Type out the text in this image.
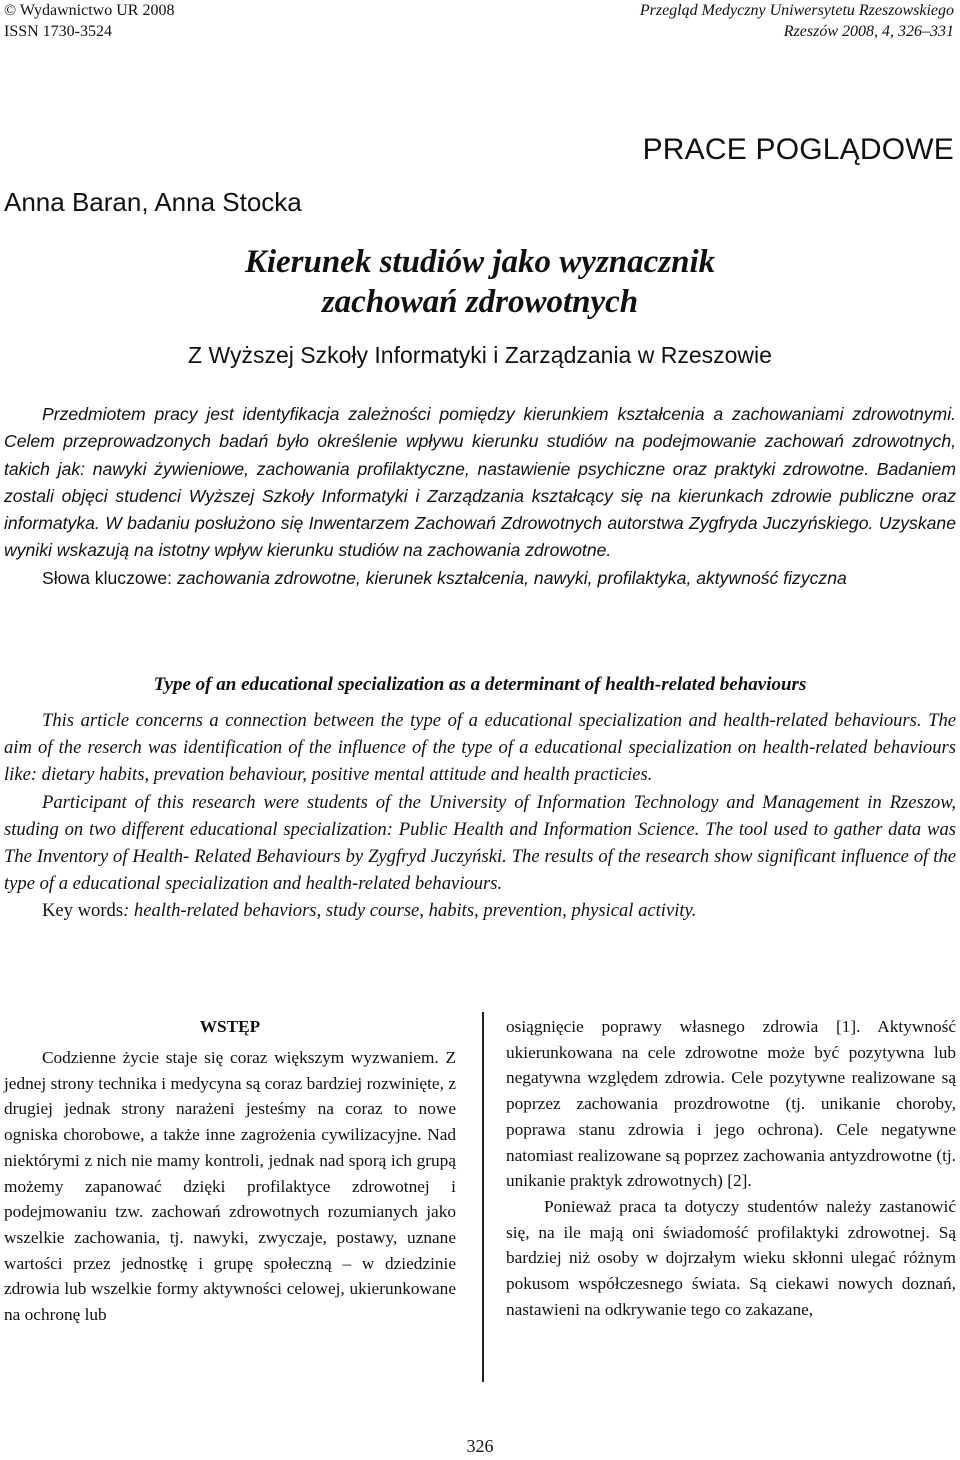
© Wydawnictwo UR 2008
ISSN 1730-3524
Przegląd Medyczny Uniwersytetu Rzeszowskiego
Rzeszów 2008, 4, 326–331
PRACE POGLĄDOWE
Anna Baran, Anna Stocka
Kierunek studiów jako wyznacznik
zachowań zdrowotnych
Z Wyższej Szkoły Informatyki i Zarządzania w Rzeszowie

Przedmiotem pracy jest identyfikacja zależności pomiędzy kierunkiem kształcenia a zachowaniami zdrowotnymi. Celem przeprowadzonych badań było określenie wpływu kierunku studiów na podejmowanie zachowań zdrowotnych, takich jak: nawyki żywieniowe, zachowania profilaktyczne, nastawienie psychiczne oraz praktyki zdrowotne. Badaniem zostali objęci studenci Wyższej Szkoły Informatyki i Zarządzania kształcący się na kierunkach zdrowie publiczne oraz informatyka. W badaniu posłużono się Inwentarzem Zachowań Zdrowotnych autorstwa Zygfryda Juczyńskiego. Uzyskane wyniki wskazują na istotny wpływ kierunku studiów na zachowania zdrowotne.

Słowa kluczowe: zachowania zdrowotne, kierunek kształcenia, nawyki, profilaktyka, aktywność fizyczna

Type of an educational specialization as a determinant of health-related behaviours

This article concerns a connection between the type of a educational specialization and health-related behaviours. The aim of the reserch was identification of the influence of the type of a educational specialization on health-related behaviours like: dietary habits, prevation behaviour, positive mental attitude and health practicies.

Participant of this research were students of the University of Information Technology and Management in Rzeszow, studing on two different educational specialization: Public Health and Information Science. The tool used to gather data was The Inventory of Health- Related Behaviours by Zygfryd Juczyński. The results of the research show significant influence of the type of a educational specialization and health-related behaviours.

Key words: health-related behaviors, study course, habits, prevention, physical activity.

WSTĘP

Codzienne życie staje się coraz większym wyzwaniem. Z jednej strony technika i medycyna są coraz bardziej rozwinięte, z drugiej jednak strony narażeni jesteśmy na coraz to nowe ogniska chorobowe, a także inne zagrożenia cywilizacyjne. Nad niektórymi z nich nie mamy kontroli, jednak nad sporą ich grupą możemy zapanować dzięki profilaktyce zdrowotnej i podejmowaniu tzw. zachowań zdrowotnych rozumianych jako wszelkie zachowania, tj. nawyki, zwyczaje, postawy, uznane wartości przez jednostkę i grupę społeczną – w dziedzinie zdrowia lub wszelkie formy aktywności celowej, ukierunkowane na ochronę lub

osiągnięcie poprawy własnego zdrowia [1]. Aktywność ukierunkowana na cele zdrowotne może być pozytywna lub negatywna względem zdrowia. Cele pozytywne realizowane są poprzez zachowania prozdrowotne (tj. unikanie choroby, poprawa stanu zdrowia i jego ochrona). Cele negatywne natomiast realizowane są poprzez zachowania antyzdrowotne (tj. unikanie praktyk zdrowotnych) [2].

Ponieważ praca ta dotyczy studentów należy zastanowić się, na ile mają oni świadomość profilaktyki zdrowotnej. Są bardziej niż osoby w dojrzałym wieku skłonni ulegać różnym pokusom współczesnego świata. Są ciekawi nowych doznań, nastawieni na odkrywanie tego co zakazane,

326
